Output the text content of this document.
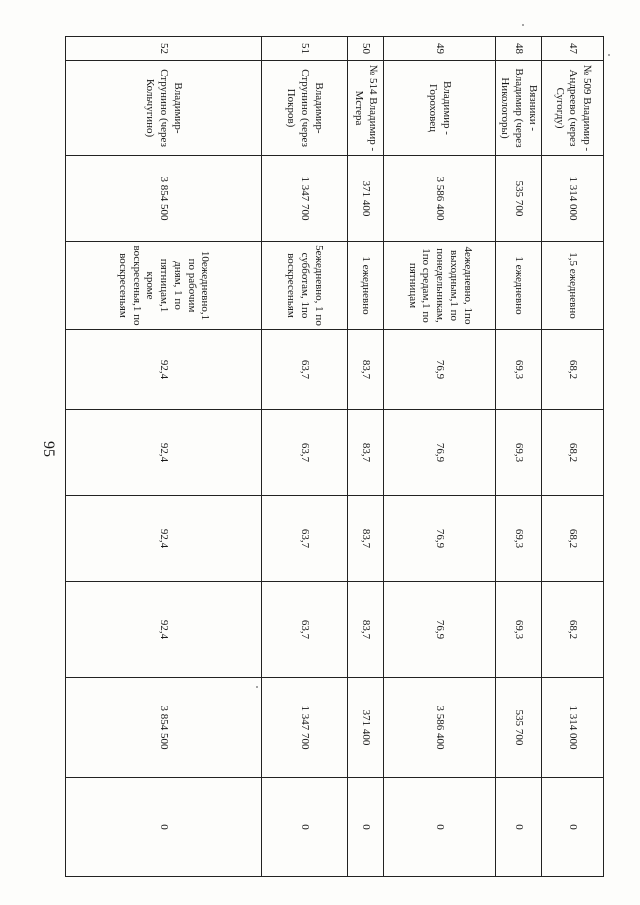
95
47	№ 509 Владимир - Андреево (через Сугогду)	1 314 000	1,5 ежедневно	68,2	68,2	68,2	68,2	1 314 000	0
48	Вязники - Владимир (через Никологоры)	535 700	1 ежедневно	69,3	69,3	69,3	69,3	535 700	0
49	Владимир - Гороховец	3 586 400	4ежедневно, 1по выходным,1 по понедельникам, 1по средам,1 по пятницам	76,9	76,9	76,9	76,9	3 586 400	0
50	№ 514 Владимир - Мстера	371 400	1 ежедневно	83,7	83,7	83,7	83,7	371 400	0
51	Владимир-Струнино (через Покров)	1 347 700	5ежедневно, 1 по субботам, 1по воскресеньям	63,7	63,7	63,7	63,7	1 347 700	0
52	Владимир-Струнино (через Кольчугино)	3 854 500	10ежедневно,1 по рабочим дням, 1 по пятницам,1 кроме воскресенья,1 по воскресеньям	92,4	92,4	92,4	92,4	3 854 500	0
